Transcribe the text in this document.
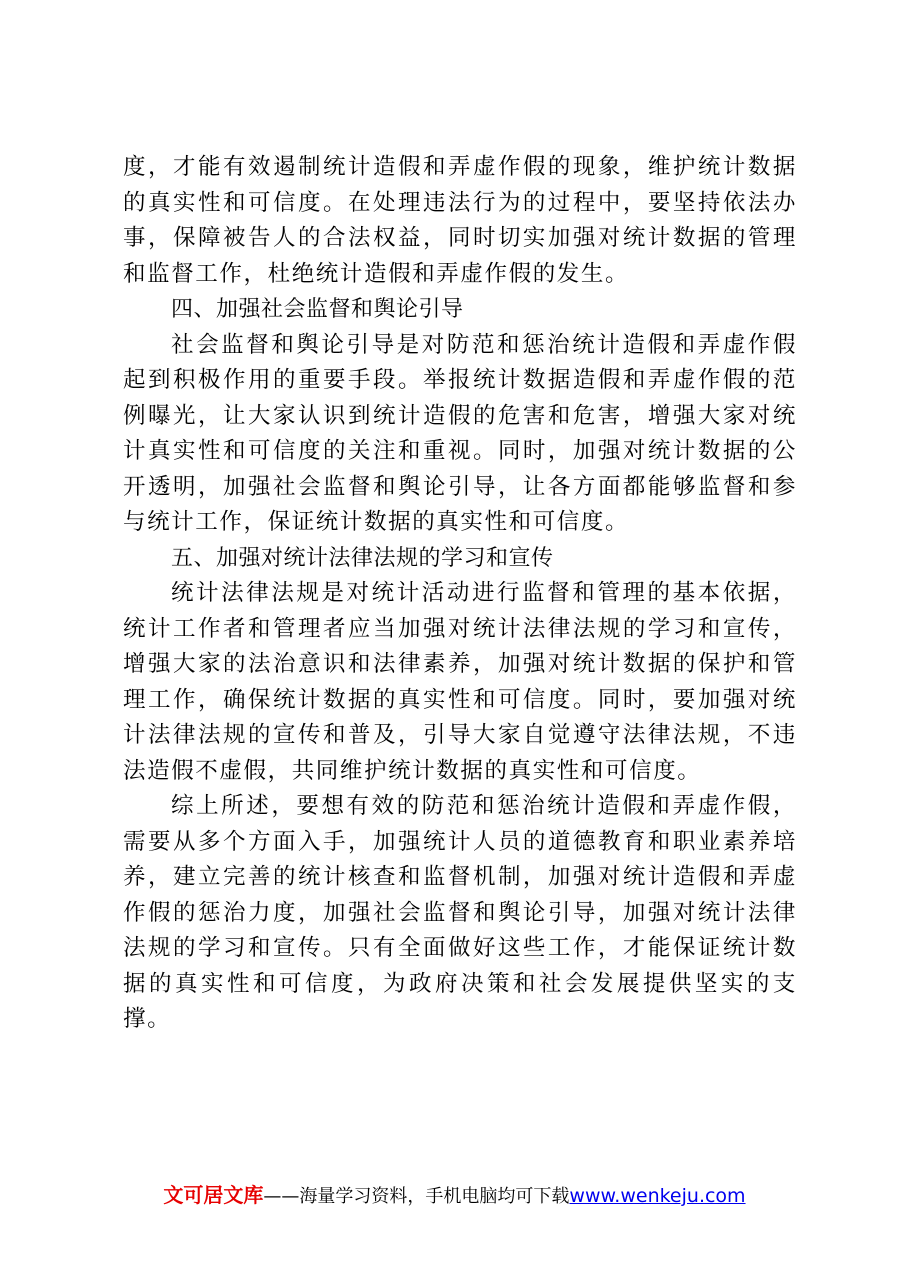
度，才能有效遏制统计造假和弄虚作假的现象，维护统计数据的真实性和可信度。在处理违法行为的过程中，要坚持依法办事，保障被告人的合法权益，同时切实加强对统计数据的管理和监督工作，杜绝统计造假和弄虚作假的发生。

四、加强社会监督和舆论引导

社会监督和舆论引导是对防范和惩治统计造假和弄虚作假起到积极作用的重要手段。举报统计数据造假和弄虚作假的范例曝光，让大家认识到统计造假的危害和危害，增强大家对统计真实性和可信度的关注和重视。同时，加强对统计数据的公开透明，加强社会监督和舆论引导，让各方面都能够监督和参与统计工作，保证统计数据的真实性和可信度。

五、加强对统计法律法规的学习和宣传

统计法律法规是对统计活动进行监督和管理的基本依据，统计工作者和管理者应当加强对统计法律法规的学习和宣传，增强大家的法治意识和法律素养，加强对统计数据的保护和管理工作，确保统计数据的真实性和可信度。同时，要加强对统计法律法规的宣传和普及，引导大家自觉遵守法律法规，不违法造假不虚假，共同维护统计数据的真实性和可信度。

综上所述，要想有效的防范和惩治统计造假和弄虚作假，需要从多个方面入手，加强统计人员的道德教育和职业素养培养，建立完善的统计核查和监督机制，加强对统计造假和弄虚作假的惩治力度，加强社会监督和舆论引导，加强对统计法律法规的学习和宣传。只有全面做好这些工作，才能保证统计数据的真实性和可信度，为政府决策和社会发展提供坚实的支撑。

文可居文库——海量学习资料，手机电脑均可下载www.wenkeju.com
